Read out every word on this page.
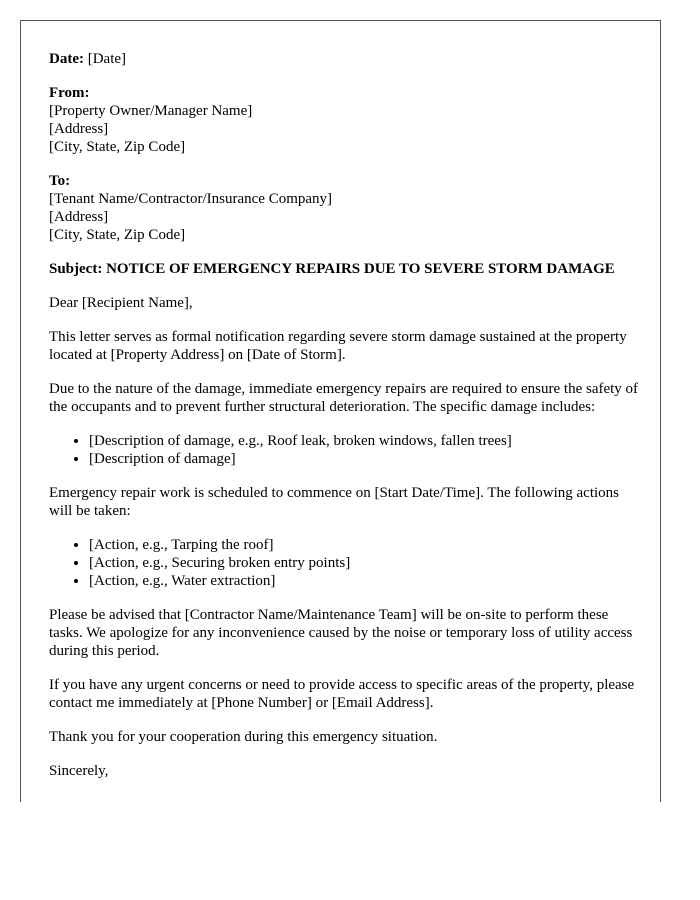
Date: [Date]
From:
[Property Owner/Manager Name]
[Address]
[City, State, Zip Code]
To:
[Tenant Name/Contractor/Insurance Company]
[Address]
[City, State, Zip Code]
Subject: NOTICE OF EMERGENCY REPAIRS DUE TO SEVERE STORM DAMAGE

Dear [Recipient Name],

This letter serves as formal notification regarding severe storm damage sustained at the property located at [Property Address] on [Date of Storm].

Due to the nature of the damage, immediate emergency repairs are required to ensure the safety of the occupants and to prevent further structural deterioration. The specific damage includes:

• [Description of damage, e.g., Roof leak, broken windows, fallen trees]
• [Description of damage]

Emergency repair work is scheduled to commence on [Start Date/Time]. The following actions will be taken:

• [Action, e.g., Tarping the roof]
• [Action, e.g., Securing broken entry points]
• [Action, e.g., Water extraction]

Please be advised that [Contractor Name/Maintenance Team] will be on-site to perform these tasks. We apologize for any inconvenience caused by the noise or temporary loss of utility access during this period.

If you have any urgent concerns or need to provide access to specific areas of the property, please contact me immediately at [Phone Number] or [Email Address].

Thank you for your cooperation during this emergency situation.

Sincerely,
